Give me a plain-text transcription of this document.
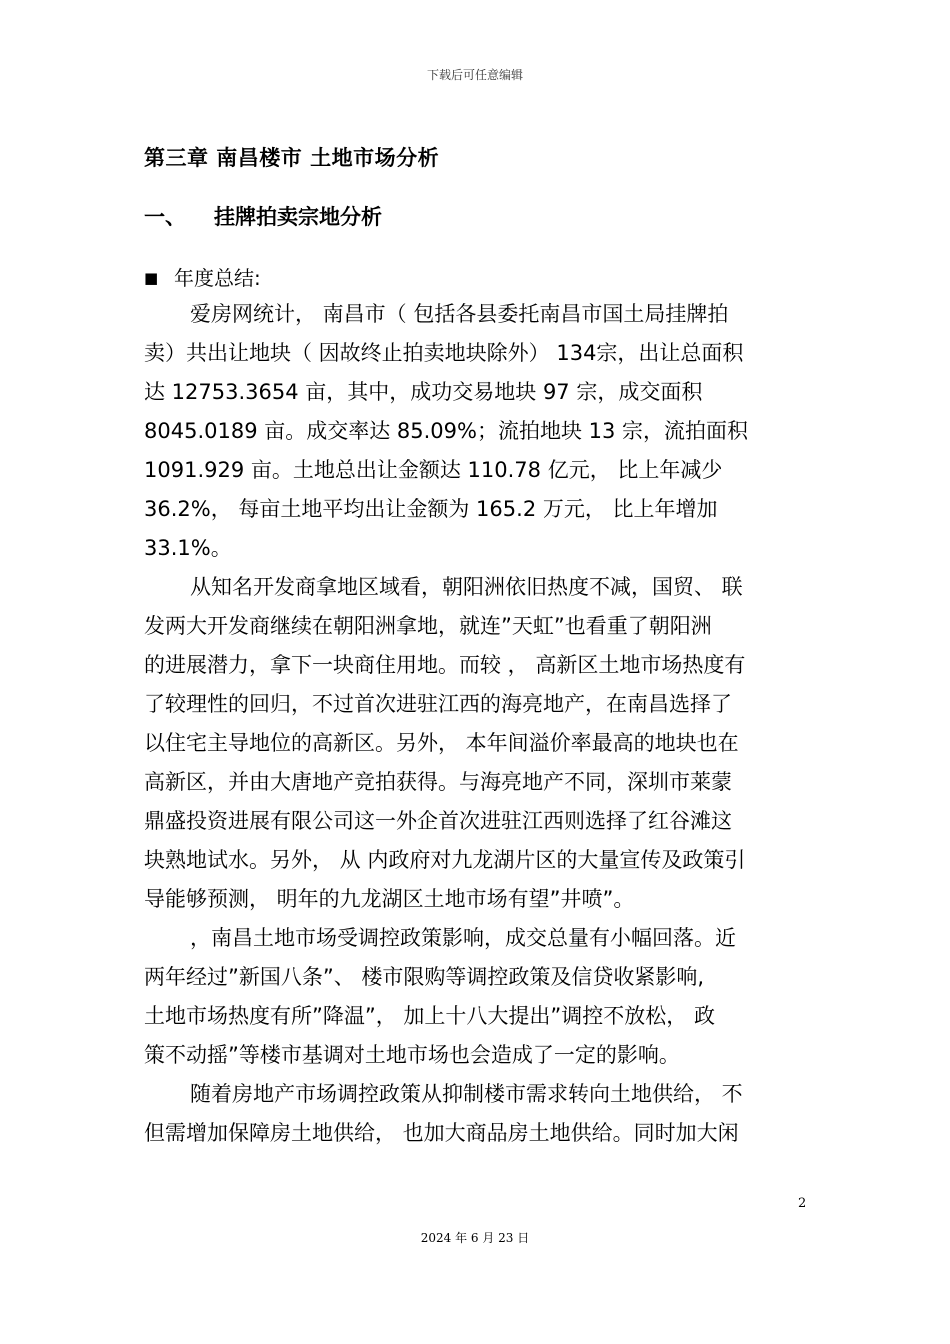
下载后可任意编辑
第三章 南昌楼市 土地市场分析
一、 挂牌拍卖宗地分析
■ 年度总结:

爱房网统计， 南昌市（ 包括各县委托南昌市国土局挂牌拍
卖）共出让地块（ 因故终止拍卖地块除外） 134宗，出让总面积
达 12753.3654 亩，其中，成功交易地块 97 宗，成交面积
8045.0189 亩。成交率达 85.09%；流拍地块 13 宗，流拍面积
1091.929 亩。土地总出让金额达 110.78 亿元， 比上年减少
36.2%， 每亩土地平均出让金额为 165.2 万元， 比上年增加
33.1%。

从知名开发商拿地区域看，朝阳洲依旧热度不减，国贸、 联
发两大开发商继续在朝阳洲拿地，就连”天虹”也看重了朝阳洲
的进展潜力，拿下一块商住用地。而较 ， 高新区土地市场热度有
了较理性的回归，不过首次进驻江西的海亮地产，在南昌选择了
以住宅主导地位的高新区。另外， 本年间溢价率最高的地块也在
高新区，并由大唐地产竞拍获得。与海亮地产不同，深圳市莱蒙
鼎盛投资进展有限公司这一外企首次进驻江西则选择了红谷滩这
块熟地试水。另外， 从 内政府对九龙湖片区的大量宣传及政策引
导能够预测， 明年的九龙湖区土地市场有望”井喷”。

，南昌土地市场受调控政策影响，成交总量有小幅回落。近
两年经过”新国八条”、 楼市限购等调控政策及信贷收紧影响,
土地市场热度有所”降温”， 加上十八大提出”调控不放松， 政
策不动摇”等楼市基调对土地市场也会造成了一定的影响。

随着房地产市场调控政策从抑制楼市需求转向土地供给， 不
但需增加保障房土地供给， 也加大商品房土地供给。同时加大闲

2
2024 年 6 月 23 日
